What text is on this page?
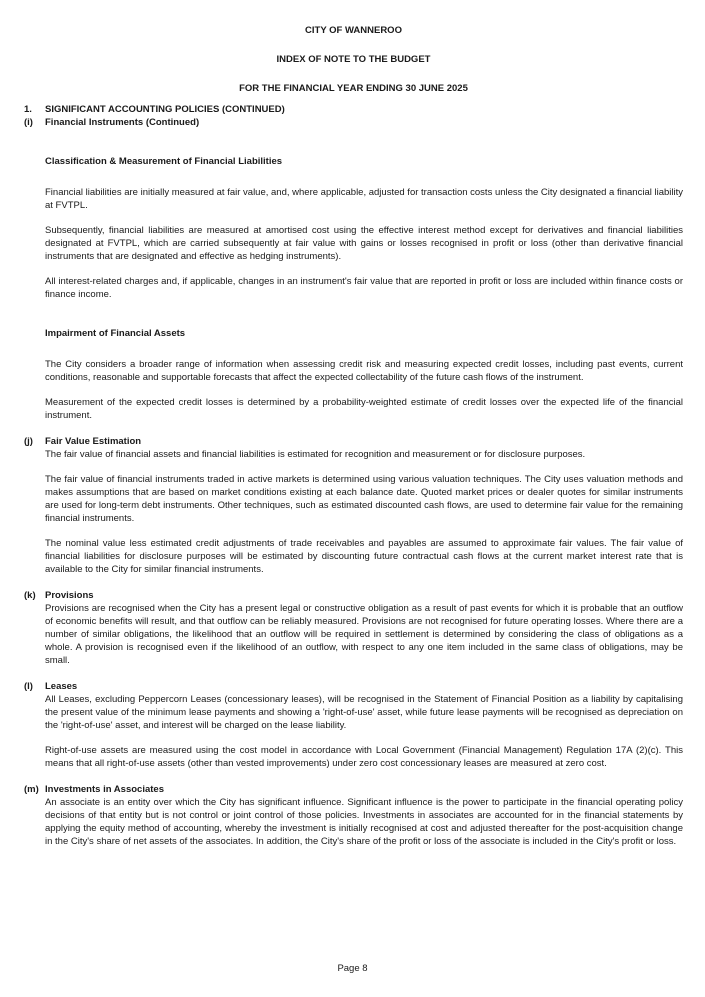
CITY OF WANNEROO
INDEX OF NOTE TO THE BUDGET
FOR THE FINANCIAL YEAR ENDING 30 JUNE 2025
1.	SIGNIFICANT ACCOUNTING POLICIES (CONTINUED)
(i)	Financial Instruments (Continued)
Classification & Measurement of Financial Liabilities

Financial liabilities are initially measured at fair value, and, where applicable, adjusted for transaction costs unless the City designated a financial liability at FVTPL.

Subsequently, financial liabilities are measured at amortised cost using the effective interest method except for derivatives and financial liabilities designated at FVTPL, which are carried subsequently at fair value with gains or losses recognised in profit or loss (other than derivative financial instruments that are designated and effective as hedging instruments).

All interest-related charges and, if applicable, changes in an instrument's fair value that are reported in profit or loss are included within finance costs or finance income.

Impairment of Financial Assets

The City considers a broader range of information when assessing credit risk and measuring expected credit losses, including past events, current conditions, reasonable and supportable forecasts that affect the expected collectability of the future cash flows of the instrument.

Measurement of the expected credit losses is determined by a probability-weighted estimate of credit losses over the expected life of the financial instrument.

(j)	Fair Value Estimation

The fair value of financial assets and financial liabilities is estimated for recognition and measurement or for disclosure purposes.

The fair value of financial instruments traded in active markets is determined using various valuation techniques. The City uses valuation methods and makes assumptions that are based on market conditions existing at each balance date. Quoted market prices or dealer quotes for similar instruments are used for long-term debt instruments. Other techniques, such as estimated discounted cash flows, are used to determine fair value for the remaining financial instruments.

The nominal value less estimated credit adjustments of trade receivables and payables are assumed to approximate fair values. The fair value of financial liabilities for disclosure purposes will be estimated by discounting future contractual cash flows at the current market interest rate that is available to the City for similar financial instruments.

(k) Provisions

Provisions are recognised when the City has a present legal or constructive obligation as a result of past events for which it is probable that an outflow of economic benefits will result, and that outflow can be reliably measured. Provisions are not recognised for future operating losses. Where there are a number of similar obligations, the likelihood that an outflow will be required in settlement is determined by considering the class of obligations as a whole. A provision is recognised even if the likelihood of an outflow, with respect to any one item included in the same class of obligations, may be small.

(l)	Leases

All Leases, excluding Peppercorn Leases (concessionary leases), will be recognised in the Statement of Financial Position as a liability by capitalising the present value of the minimum lease payments and showing a 'right-of-use' asset, while future lease payments will be recognised as depreciation on the 'right-of-use' asset, and interest will be charged on the lease liability.

Right-of-use assets are measured using the cost model in accordance with Local Government (Financial Management) Regulation 17A (2)(c). This means that all right-of-use assets (other than vested improvements) under zero cost concessionary leases are measured at zero cost.

(m) Investments in Associates

An associate is an entity over which the City has significant influence. Significant influence is the power to participate in the financial operating policy decisions of that entity but is not control or joint control of those policies. Investments in associates are accounted for in the financial statements by applying the equity method of accounting, whereby the investment is initially recognised at cost and adjusted thereafter for the post-acquisition change in the City's share of net assets of the associates. In addition, the City's share of the profit or loss of the associate is included in the City's profit or loss.

Page 8
